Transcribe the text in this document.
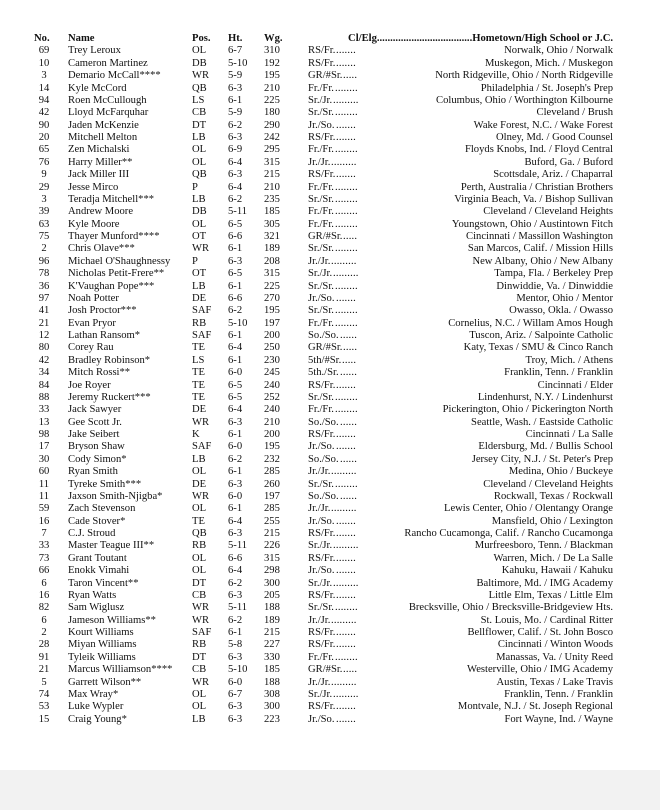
No.	Name	Pos. Ht. Wg.	Cl/Elg....................................Hometown/High School or J.C.
69	Trey Leroux	OL 6-7 310	RS/Fr.	Norwalk, Ohio / Norwalk
.......
10	Cameron Martinez	DB 5-10 192	RS/Fr.	Muskegon, Mich. / Muskegon
.......
3	Demario McCall****	WR 5-9 195	GR/#Sr.	North Ridgeville, Ohio / North Ridgeville
.....
14	Kyle McCord	QB 6-3 210	Fr./Fr.	Philadelphia / St. Joseph's Prep
........
94	Roen McCullough	LS 6-1 225	Sr./Jr.	Columbus, Ohio / Worthington Kilbourne
.........
42	Lloyd McFarquhar	CB 5-9 180	Sr./Sr.	Cleveland / Brush
........
90	Jaden McKenzie	DT 6-2 290	Jr./So.	Wake Forest, N.C. / Wake Forest
.......
20	Mitchell Melton	LB 6-3 242	RS/Fr.	Olney, Md. / Good Counsel
.......
65	Zen Michalski	OL 6-9 295	Fr./Fr.	Floyds Knobs, Ind. / Floyd Central
........
76	Harry Miller**	OL 6-4 315	Jr./Jr.	Buford, Ga. / Buford
.........
9	Jack Miller III	QB 6-3 215	RS/Fr.	Scottsdale, Ariz. / Chaparral
.......
29	Jesse Mirco	P	6-4 210	Fr./Fr.	Perth, Australia / Christian Brothers
........
3	Teradja Mitchell***	LB 6-2 235	Sr./Sr.	Virginia Beach, Va. / Bishop Sullivan
........
39	Andrew Moore	DB 5-11 185	Fr./Fr.	Cleveland / Cleveland Heights
........
63	Kyle Moore	OL 6-5 305	Fr./Fr.	Youngstown, Ohio / Austintown Fitch
........
75	Thayer Munford****	OT 6-6 321	GR/#Sr.	Cincinnati / Massillon Washington
.....
2	Chris Olave***	WR 6-1 189	Sr./Sr.	San Marcos, Calif. / Mission Hills
........
96	Michael O'Shaughnessy P	6-3 208	Jr./Jr.	New Albany, Ohio / New Albany
.........
78	Nicholas Petit-Frere**	OT 6-5 315	Sr./Jr.	Tampa, Fla. / Berkeley Prep
.........
36	K'Vaughan Pope***	LB 6-1 225	Sr./Sr.	Dinwiddie, Va. / Dinwiddie
........
97	Noah Potter	DE 6-6 270	Jr./So.	Mentor, Ohio / Mentor
.......
41	Josh Proctor***	SAF 6-2 195	Sr./Sr.	Owasso, Okla. / Owasso
........
21	Evan Pryor	RB 5-10 197	Fr./Fr.	Cornelius, N.C. / Willam Amos Hough
........
12	Lathan Ransom*	SAF 6-1 200	So./So.	Tuscon, Ariz. / Salpointe Catholic
......
80	Corey Rau	TE 6-4 250	GR/#Sr.	Katy, Texas / SMU & Cinco Ranch
.....
42	Bradley Robinson*	LS 6-1 230	5th/#Sr.	Troy, Mich. / Athens
.....
34	Mitch Rossi**	TE 6-0 245	5th./Sr.	Franklin, Tenn. / Franklin
......
84	Joe Royer	TE 6-5 240	RS/Fr.	Cincinnati / Elder
.......
88	Jeremy Ruckert***	TE 6-5 252	Sr./Sr.	Lindenhurst, N.Y. / Lindenhurst
........
33	Jack Sawyer	DE 6-4 240	Fr./Fr.	Pickerington, Ohio / Pickerington North
........
13	Gee Scott Jr.	WR 6-3 210	So./So.	Seattle, Wash. / Eastside Catholic
......
98	Jake Seibert	K	6-1 200	RS/Fr.	Cincinnati / La Salle
.......
17	Bryson Shaw	SAF 6-0 195	Jr./So.	Eldersburg, Md. / Bullis School
.......
30	Cody Simon*	LB 6-2 232	So./So.	Jersey City, N.J. / St. Peter's Prep
......
60	Ryan Smith	OL 6-1 285	Jr./Jr.	Medina, Ohio / Buckeye
.........
11	Tyreke Smith***	DE 6-3 260	Sr./Sr.	Cleveland / Cleveland Heights
........
11	Jaxson Smith-Njigba*	WR 6-0 197	So./So.	Rockwall, Texas / Rockwall
......
59	Zach Stevenson	OL 6-1 285	Jr./Jr.	Lewis Center, Ohio / Olentangy Orange
.........
16	Cade Stover*	TE 6-4 255	Jr./So.	Mansfield, Ohio / Lexington
.......
7	C.J. Stroud	QB 6-3 215	RS/Fr.	Rancho Cucamonga, Calif. / Rancho Cucamonga
.......
33	Master Teague III**	RB 5-11 226	Sr./Jr.	Murfreesboro, Tenn. / Blackman
.........
73	Grant Toutant	OL 6-6 315	RS/Fr.	Warren, Mich. / De La Salle
.......
66	Enokk Vimahi	OL 6-4 298	Jr./So.	Kahuku, Hawaii / Kahuku
.......
6	Taron Vincent**	DT 6-2 300	Sr./Jr.	Baltimore, Md. / IMG Academy
.........
16	Ryan Watts	CB 6-3 205	RS/Fr.	Little Elm, Texas / Little Elm
.......
82	Sam Wiglusz	WR 5-11 188	Sr./Sr.	Brecksville, Ohio / Brecksville-Bridgeview Hts.
........
6	Jameson Williams**	WR 6-2 189	Jr./Jr.	St. Louis, Mo. / Cardinal Ritter
.........
2	Kourt Williams	SAF 6-1 215	RS/Fr.	Bellflower, Calif. / St. John Bosco
.......
28	Miyan Williams	RB 5-8 227	RS/Fr.	Cincinnati / Winton Woods
.......
91	Tyleik Williams	DT 6-3 330	Fr./Fr.	Manassas, Va. / Unity Reed
........
21	Marcus Williamson**** CB 5-10 185	GR/#Sr.	Westerville, Ohio / IMG Academy
.....
5	Garrett Wilson**	WR 6-0 188	Jr./Jr.	Austin, Texas / Lake Travis
.........
74	Max Wray*	OL 6-7 308	Sr./Jr.	Franklin, Tenn. / Franklin
.........
53	Luke Wypler	OL 6-3 300	RS/Fr.	Montvale, N.J. / St. Joseph Regional
.......
15	Craig Young*	LB 6-3 223	Jr./So.	Fort Wayne, Ind. / Wayne
.......
